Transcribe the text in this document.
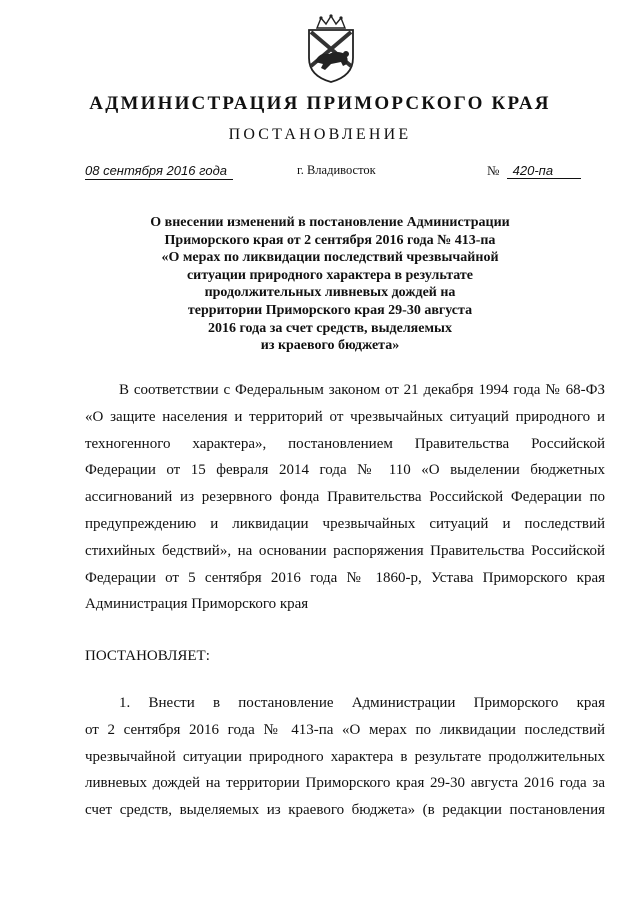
АДМИНИСТРАЦИЯ ПРИМОРСКОГО КРАЯ
ПОСТАНОВЛЕНИЕ
08 сентября 2016 года	г. Владивосток	№ 420-па
О внесении изменений в постановление Администрации
Приморского края от 2 сентября 2016 года № 413-па
«О мерах по ликвидации последствий чрезвычайной
ситуации природного характера в результате
продолжительных ливневых дождей на
территории Приморского края 29-30 августа
2016 года за счет средств, выделяемых
из краевого бюджета»
В соответствии с Федеральным законом от 21 декабря 1994 года № 68-ФЗ
«О защите населения и территорий от чрезвычайных ситуаций природного и
техногенного характера», постановлением Правительства Российской
Федерации от 15 февраля 2014 года № 110 «О выделении бюджетных
ассигнований из резервного фонда Правительства Российской Федерации по
предупреждению и ликвидации чрезвычайных ситуаций и последствий
стихийных бедствий», на основании распоряжения Правительства Российской
Федерации от 5 сентября 2016 года № 1860-р, Устава Приморского края
Администрация Приморского края
ПОСТАНОВЛЯЕТ:
1. Внести в постановление Администрации Приморского края
от 2 сентября 2016 года № 413-па «О мерах по ликвидации последствий
чрезвычайной ситуации природного характера в результате продолжительных
ливневых дождей на территории Приморского края 29-30 августа 2016 года за
счет средств, выделяемых из краевого бюджета» (в редакции постановления
